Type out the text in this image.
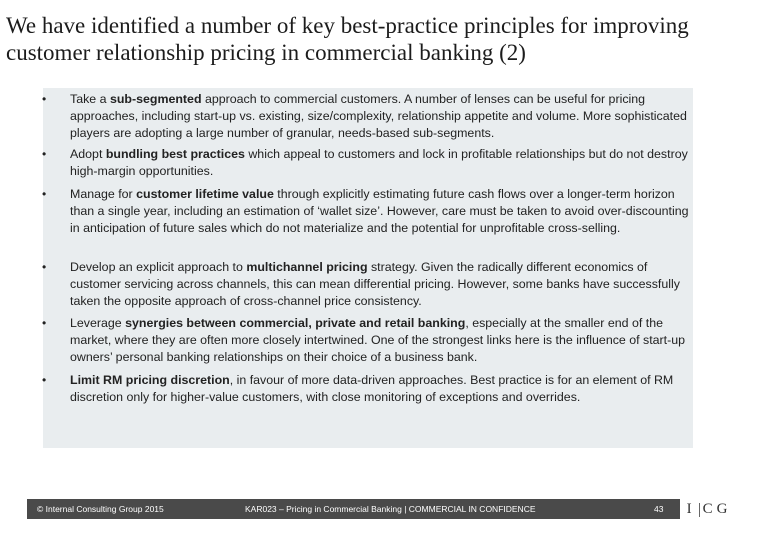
We have identified a number of key best-practice principles for improving customer relationship pricing in commercial banking (2)
• Take a sub-segmented approach to commercial customers. A number of lenses can be useful for pricing approaches, including start-up vs. existing, size/complexity, relationship appetite and volume. More sophisticated players are adopting a large number of granular, needs-based sub-segments.
• Adopt bundling best practices which appeal to customers and lock in profitable relationships but do not destroy high-margin opportunities.
• Manage for customer lifetime value through explicitly estimating future cash flows over a longer-term horizon than a single year, including an estimation of ‘wallet size’. However, care must be taken to avoid over-discounting in anticipation of future sales which do not materialize and the potential for unprofitable cross-selling.
• Develop an explicit approach to multichannel pricing strategy. Given the radically different economics of customer servicing across channels, this can mean differential pricing. However, some banks have successfully taken the opposite approach of cross-channel price consistency.
• Leverage synergies between commercial, private and retail banking, especially at the smaller end of the market, where they are often more closely intertwined. One of the strongest links here is the influence of start-up owners’ personal banking relationships on their choice of a business bank.
• Limit RM pricing discretion, in favour of more data-driven approaches. Best practice is for an element of RM discretion only for higher-value customers, with close monitoring of exceptions and overrides.
© Internal Consulting Group 2015	KAR023 – Pricing in Commercial Banking | COMMERCIAL IN CONFIDENCE	43	I CG
